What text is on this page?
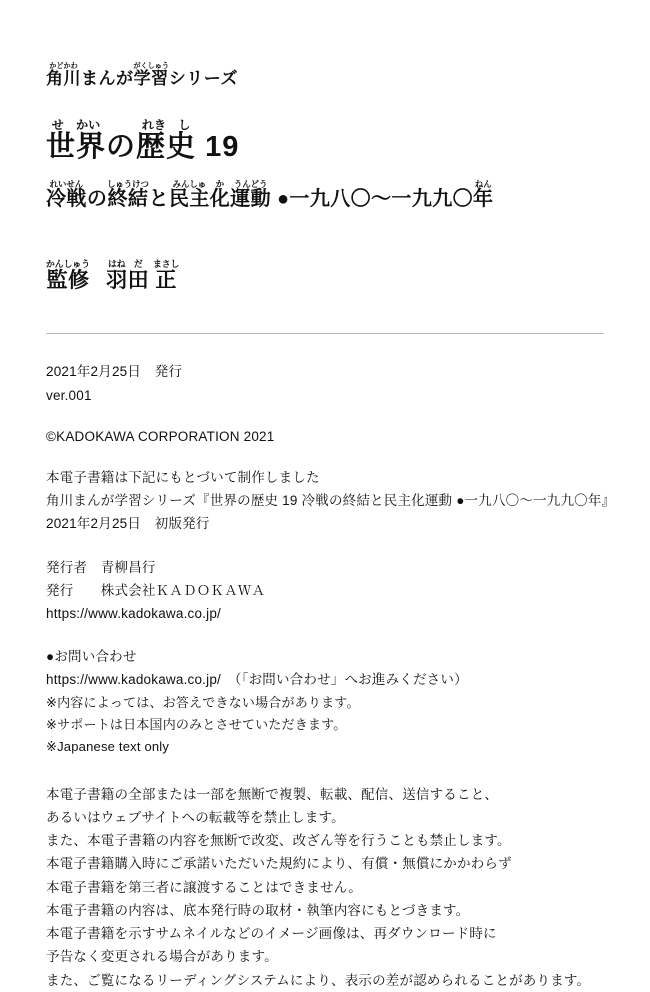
角川かどかわまんが学習がくしゅうシリーズ
世界せ　かいの歴史れき　し 19
冷戦れいせんの終結しゅうけつと民主みんしゅ化か運動うんどう ●一九八〇〜一九九〇年ねん
監修かんしゅう羽はね田だ 正まさし
2021年2月25日　発行
ver.001
©KADOKAWA CORPORATION 2021
本電子書籍は下記にもとづいて制作しました
角川まんが学習シリーズ『世界の歴史 19 冷戦の終結と民主化運動 ●一九八〇〜一九九〇年』
2021年2月25日　初版発行
発行者　青柳昌行
発行　　株式会社ＫＡＤＯＫＡＷＡ
https://www.kadokawa.co.jp/
●お問い合わせ
https://www.kadokawa.co.jp/　（「お問い合わせ」へお進みください）
※内容によっては、お答えできない場合があります。
※サポートは日本国内のみとさせていただきます。
※Japanese text only
本電子書籍の全部または一部を無断で複製、転載、配信、送信すること、
あるいはウェブサイトへの転載等を禁止します。
また、本電子書籍の内容を無断で改変、改ざん等を行うことも禁止します。
本電子書籍購入時にご承諾いただいた規約により、有償・無償にかかわらず
本電子書籍を第三者に譲渡することはできません。
本電子書籍の内容は、底本発行時の取材・執筆内容にもとづきます。
本電子書籍を示すサムネイルなどのイメージ画像は、再ダウンロード時に
予告なく変更される場合があります。
また、ご覧になるリーディングシステムにより、表示の差が認められることがあります。
